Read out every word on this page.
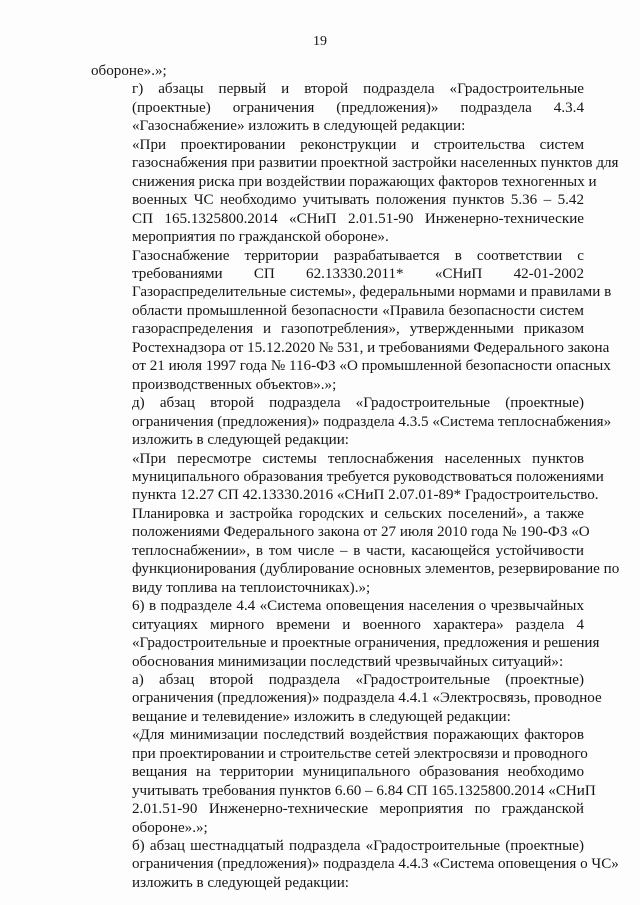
19

обороне».»;

г) абзацы первый и второй подраздела «Градостроительные
(проектные) ограничения (предложения)» подраздела 4.3.4
«Газоснабжение» изложить в следующей редакции:

«При проектировании реконструкции и строительства систем
газоснабжения при развитии проектной застройки населенных пунктов для
снижения риска при воздействии поражающих факторов техногенных и
военных ЧС необходимо учитывать положения пунктов 5.36 – 5.42
СП 165.1325800.2014 «СНиП 2.01.51-90 Инженерно-технические
мероприятия по гражданской обороне».

Газоснабжение территории разрабатывается в соответствии с
требованиями СП 62.13330.2011* «СНиП 42-01-2002
Газораспределительные системы», федеральными нормами и правилами в
области промышленной безопасности «Правила безопасности систем
газораспределения и газопотребления», утвержденными приказом
Ростехнадзора от 15.12.2020 № 531, и требованиями Федерального закона
от 21 июля 1997 года № 116-ФЗ «О промышленной безопасности опасных
производственных объектов».»;

д) абзац второй подраздела «Градостроительные (проектные)
ограничения (предложения)» подраздела 4.3.5 «Система теплоснабжения»
изложить в следующей редакции:

«При пересмотре системы теплоснабжения населенных пунктов
муниципального образования требуется руководствоваться положениями
пункта 12.27 СП 42.13330.2016 «СНиП 2.07.01-89* Градостроительство.
Планировка и застройка городских и сельских поселений», а также
положениями Федерального закона от 27 июля 2010 года № 190-ФЗ «О
теплоснабжении», в том числе – в части, касающейся устойчивости
функционирования (дублирование основных элементов, резервирование по
виду топлива на теплоисточниках).»;

6) в подразделе 4.4 «Система оповещения населения о чрезвычайных
ситуациях мирного времени и военного характера» раздела 4
«Градостроительные и проектные ограничения, предложения и решения
обоснования минимизации последствий чрезвычайных ситуаций»:

а) абзац второй подраздела «Градостроительные (проектные)
ограничения (предложения)» подраздела 4.4.1 «Электросвязь, проводное
вещание и телевидение» изложить в следующей редакции:

«Для минимизации последствий воздействия поражающих факторов
при проектировании и строительстве сетей электросвязи и проводного
вещания на территории муниципального образования необходимо
учитывать требования пунктов 6.60 – 6.84 СП 165.1325800.2014 «СНиП
2.01.51-90 Инженерно-технические мероприятия по гражданской
обороне».»;

б) абзац шестнадцатый подраздела «Градостроительные (проектные)
ограничения (предложения)» подраздела 4.4.3 «Система оповещения о ЧС»
изложить в следующей редакции:
